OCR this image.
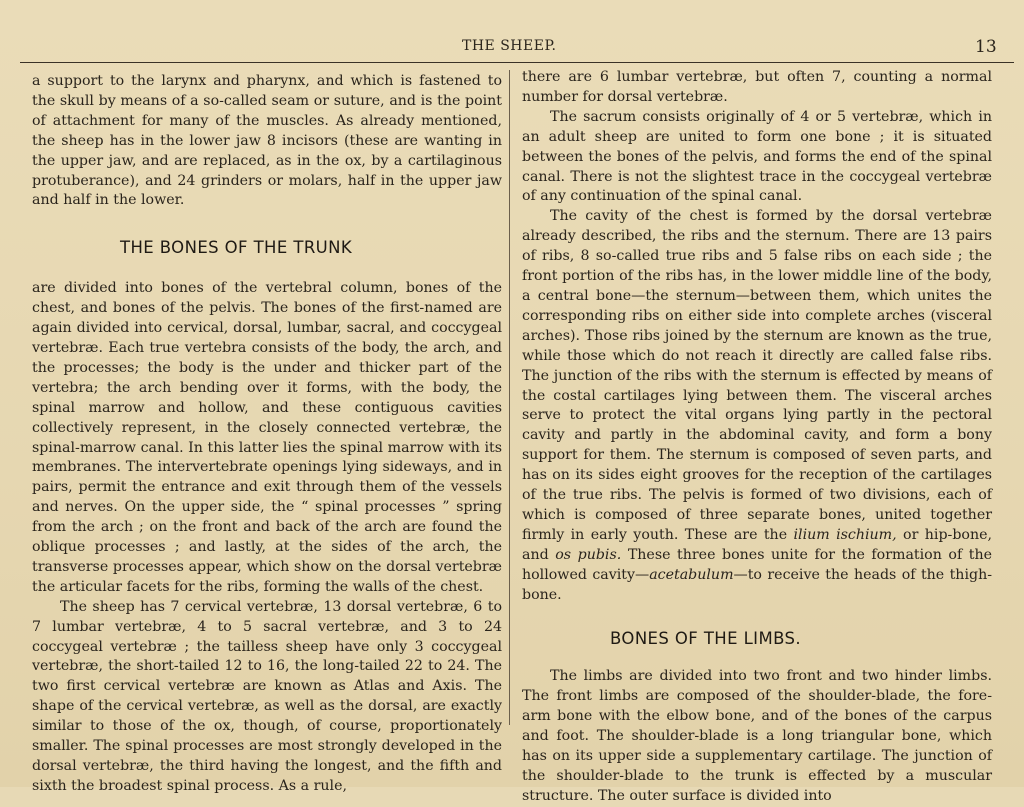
THE SHEEP.	13

a support to the larynx and pharynx, and which is fastened to the skull by means of a so-called seam or suture, and is the point of attachment for many of the muscles. As already mentioned, the sheep has in the lower jaw 8 incisors (these are wanting in the upper jaw, and are replaced, as in the ox, by a cartilaginous protuberance), and 24 grinders or molars, half in the upper jaw and half in the lower.

THE BONES OF THE TRUNK

are divided into bones of the vertebral column, bones of the chest, and bones of the pelvis. The bones of the first-named are again divided into cervical, dorsal, lumbar, sacral, and coccygeal vertebræ. Each true vertebra consists of the body, the arch, and the processes; the body is the under and thicker part of the vertebra; the arch bending over it forms, with the body, the spinal marrow and hollow, and these contiguous cavities collectively represent, in the closely connected vertebræ, the spinal-marrow canal. In this latter lies the spinal marrow with its membranes. The intervertebrate openings lying sideways, and in pairs, permit the entrance and exit through them of the vessels and nerves. On the upper side, the “ spinal processes ” spring from the arch ; on the front and back of the arch are found the oblique processes ; and lastly, at the sides of the arch, the transverse processes appear, which show on the dorsal vertebræ the articular facets for the ribs, forming the walls of the chest.

The sheep has 7 cervical vertebræ, 13 dorsal vertebræ, 6 to 7 lumbar vertebræ, 4 to 5 sacral vertebræ, and 3 to 24 coccygeal vertebræ ; the tailless sheep have only 3 coccygeal vertebræ, the short-tailed 12 to 16, the long-tailed 22 to 24. The two first cervical vertebræ are known as Atlas and Axis. The shape of the cervical vertebræ, as well as the dorsal, are exactly similar to those of the ox, though, of course, proportionately smaller. The spinal processes are most strongly developed in the dorsal vertebræ, the third having the longest, and the fifth and sixth the broadest spinal process. As a rule,

there are 6 lumbar vertebræ, but often 7, counting a normal number for dorsal vertebræ.

The sacrum consists originally of 4 or 5 vertebræ, which in an adult sheep are united to form one bone ; it is situated between the bones of the pelvis, and forms the end of the spinal canal. There is not the slightest trace in the coccygeal vertebræ of any continuation of the spinal canal.

The cavity of the chest is formed by the dorsal vertebræ already described, the ribs and the sternum. There are 13 pairs of ribs, 8 so-called true ribs and 5 false ribs on each side ; the front portion of the ribs has, in the lower middle line of the body, a central bone—the sternum—between them, which unites the corresponding ribs on either side into complete arches (visceral arches). Those ribs joined by the sternum are known as the true, while those which do not reach it directly are called false ribs. The junction of the ribs with the sternum is effected by means of the costal cartilages lying between them. The visceral arches serve to protect the vital organs lying partly in the pectoral cavity and partly in the abdominal cavity, and form a bony support for them. The sternum is composed of seven parts, and has on its sides eight grooves for the reception of the cartilages of the true ribs. The pelvis is formed of two divisions, each of which is composed of three separate bones, united together firmly in early youth. These are the ilium ischium, or hip-bone, and os pubis. These three bones unite for the formation of the hollowed cavity—acetabulum—to receive the heads of the thigh-bone.

BONES OF THE LIMBS.

The limbs are divided into two front and two hinder limbs. The front limbs are composed of the shoulder-blade, the fore-arm bone with the elbow bone, and of the bones of the carpus and foot. The shoulder-blade is a long triangular bone, which has on its upper side a supplementary cartilage. The junction of the shoulder-blade to the trunk is effected by a muscular structure. The outer surface is divided into
